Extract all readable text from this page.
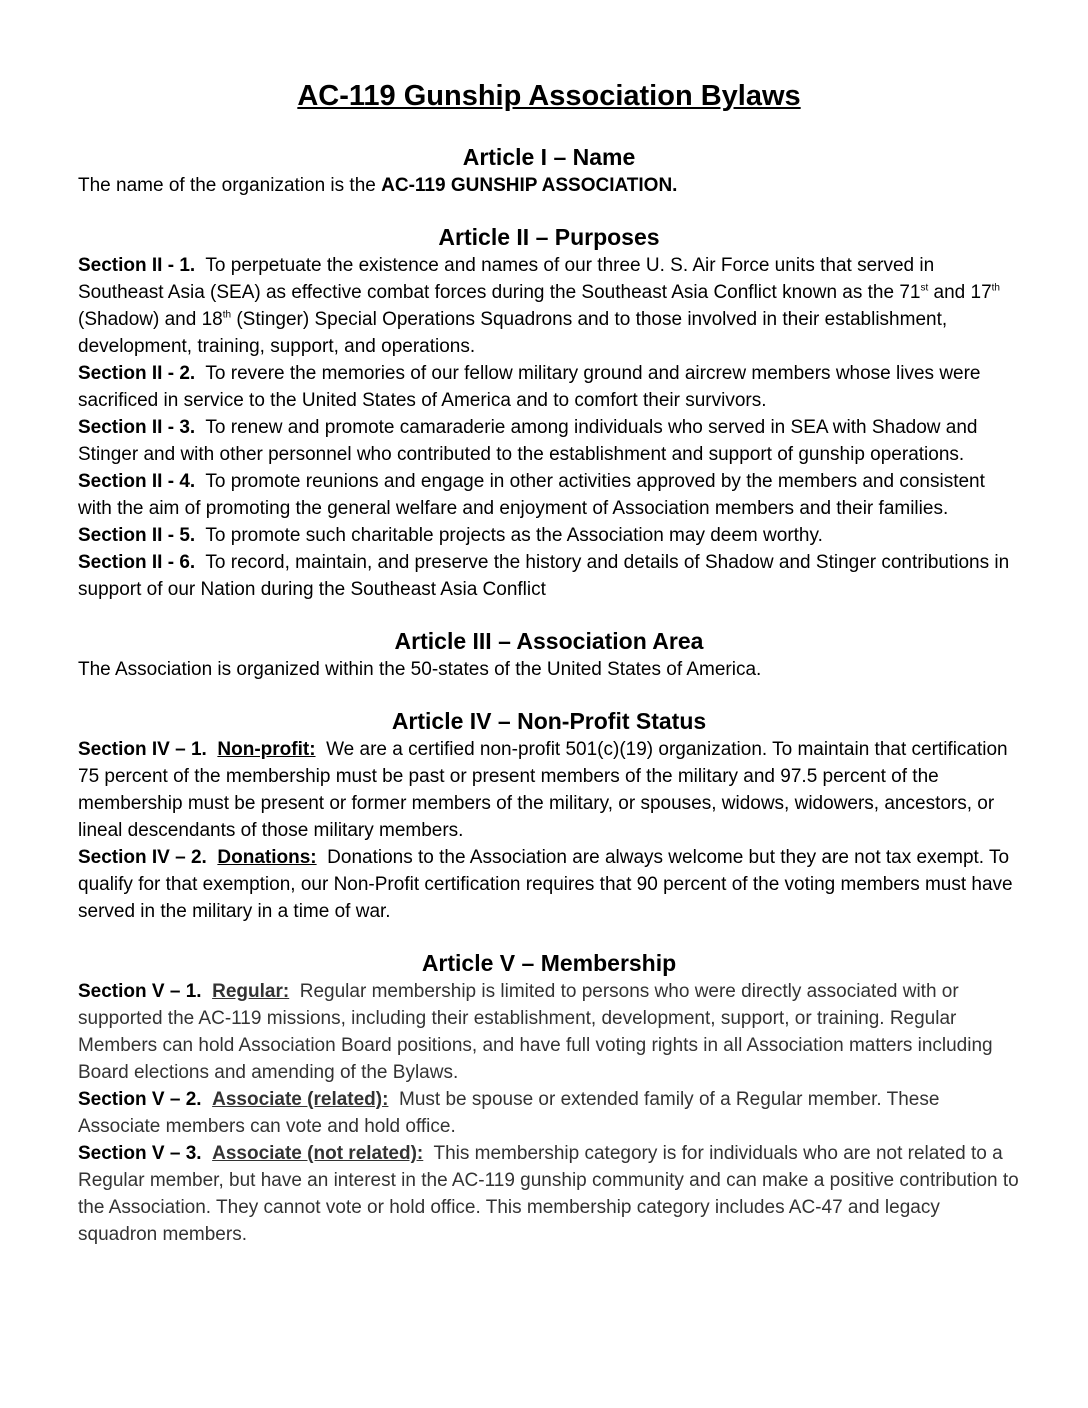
AC-119 Gunship Association Bylaws
Article I – Name

The name of the organization is the AC-119 GUNSHIP ASSOCIATION.

Article II – Purposes

Section II - 1. To perpetuate the existence and names of our three U. S. Air Force units that served in Southeast Asia (SEA) as effective combat forces during the Southeast Asia Conflict known as the 71st and 17th (Shadow) and 18th (Stinger) Special Operations Squadrons and to those involved in their establishment, development, training, support, and operations.

Section II - 2. To revere the memories of our fellow military ground and aircrew members whose lives were sacrificed in service to the United States of America and to comfort their survivors.

Section II - 3. To renew and promote camaraderie among individuals who served in SEA with Shadow and Stinger and with other personnel who contributed to the establishment and support of gunship operations.

Section II - 4. To promote reunions and engage in other activities approved by the members and consistent with the aim of promoting the general welfare and enjoyment of Association members and their families.

Section II - 5. To promote such charitable projects as the Association may deem worthy.

Section II - 6. To record, maintain, and preserve the history and details of Shadow and Stinger contributions in support of our Nation during the Southeast Asia Conflict

Article III – Association Area

The Association is organized within the 50-states of the United States of America.

Article IV – Non-Profit Status

Section IV – 1. Non-profit: We are a certified non-profit 501(c)(19) organization. To maintain that certification 75 percent of the membership must be past or present members of the military and 97.5 percent of the membership must be present or former members of the military, or spouses, widows, widowers, ancestors, or lineal descendants of those military members.

Section IV – 2. Donations: Donations to the Association are always welcome but they are not tax exempt. To qualify for that exemption, our Non-Profit certification requires that 90 percent of the voting members must have served in the military in a time of war.

Article V – Membership

Section V – 1. Regular: Regular membership is limited to persons who were directly associated with or supported the AC-119 missions, including their establishment, development, support, or training. Regular Members can hold Association Board positions, and have full voting rights in all Association matters including Board elections and amending of the Bylaws.

Section V – 2. Associate (related): Must be spouse or extended family of a Regular member. These Associate members can vote and hold office.

Section V – 3. Associate (not related): This membership category is for individuals who are not related to a Regular member, but have an interest in the AC-119 gunship community and can make a positive contribution to the Association. They cannot vote or hold office. This membership category includes AC-47 and legacy squadron members.
